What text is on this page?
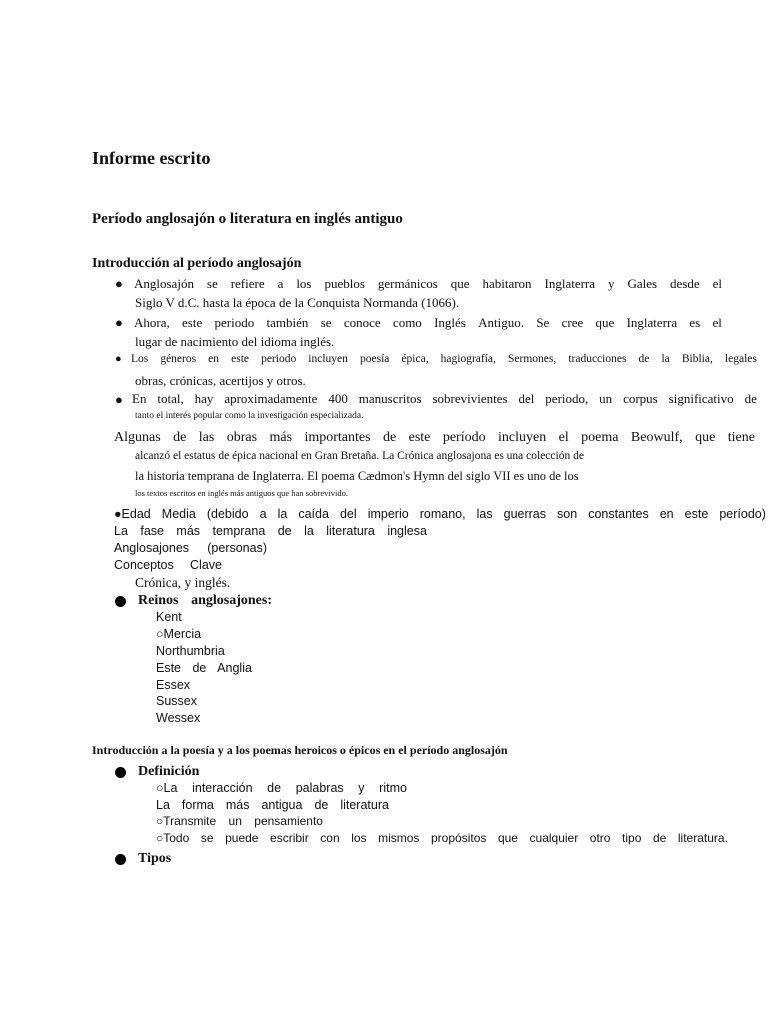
Informe escrito
Período anglosajón o literatura en inglés antiguo
Introducción al período anglosajón
● Anglosajón se refiere a los pueblos germánicos que habitaron Inglaterra y Gales desde el
Siglo V d.C. hasta la época de la Conquista Normanda (1066).
● Ahora, este periodo también se conoce como Inglés Antiguo. Se cree que Inglaterra es el
lugar de nacimiento del idioma inglés.
● Los géneros en este periodo incluyen poesía épica, hagiografía, Sermones, traducciones de la Biblia, legales
obras, crónicas, acertijos y otros.
● En total, hay aproximadamente 400 manuscritos sobrevivientes del periodo, un corpus significativo de
tanto el interés popular como la investigación especializada.
Algunas de las obras más importantes de este período incluyen el poema Beowulf, que tiene
alcanzó el estatus de épica nacional en Gran Bretaña. La Crónica anglosajona es una colección de
la historia temprana de Inglaterra. El poema Cædmon's Hymn del siglo VII es uno de los
los textos escritos en inglés más antiguos que han sobrevivido.
●Edad Media (debido a la caída del imperio romano, las guerras son constantes en este período)
La fase más temprana de la literatura inglesa
Anglosajones (personas)
Conceptos Clave
Crónica, y inglés.
Reinos anglosajones:
Kent
○Mercia
Northumbria
Este de Anglia
Essex
Sussex
Wessex
Introducción a la poesía y a los poemas heroicos o épicos en el período anglosajón
Definición
○La interacción de palabras y ritmo
La forma más antigua de literatura
○Transmite un pensamiento
○Todo se puede escribir con los mismos propósitos que cualquier otro tipo de literatura.
Tipos
